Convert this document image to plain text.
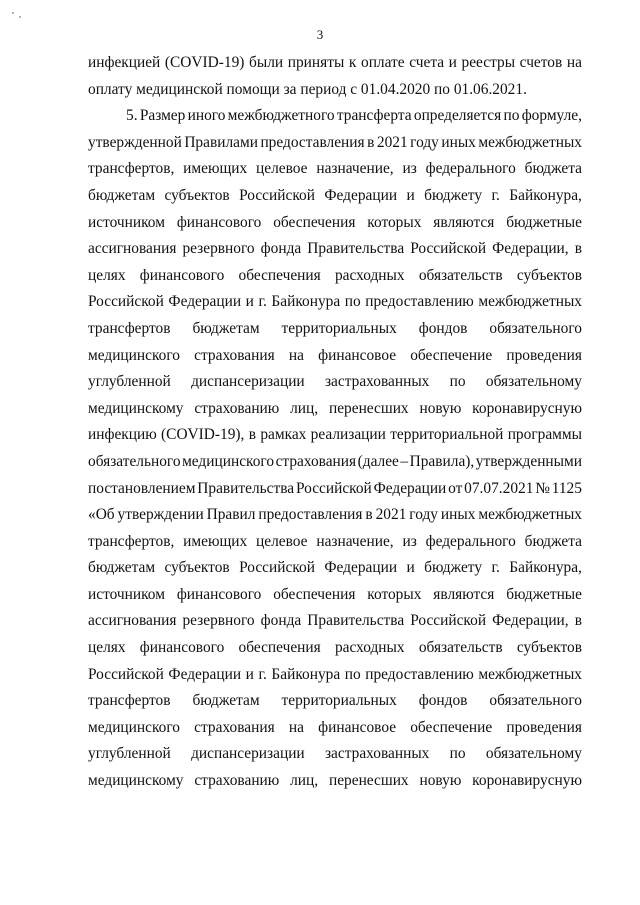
3
инфекцией (COVID-19) были приняты к оплате счета и реестры счетов на
оплату медицинской помощи за период с 01.04.2020 по 01.06.2021.
5. Размер иного межбюджетного трансферта определяется по формуле,
утвержденной Правилами предоставления в 2021 году иных межбюджетных
трансфертов, имеющих целевое назначение, из федерального бюджета
бюджетам субъектов Российской Федерации и бюджету г. Байконура,
источником финансового обеспечения которых являются бюджетные
ассигнования резервного фонда Правительства Российской Федерации, в
целях финансового обеспечения расходных обязательств субъектов
Российской Федерации и г. Байконура по предоставлению межбюджетных
трансфертов бюджетам территориальных фондов обязательного
медицинского страхования на финансовое обеспечение проведения
углубленной диспансеризации застрахованных по обязательному
медицинскому страхованию лиц, перенесших новую коронавирусную
инфекцию (COVID-19), в рамках реализации территориальной программы
обязательного медицинского страхования (далее – Правила), утвержденными
постановлением Правительства Российской Федерации от 07.07.2021 № 1125
«Об утверждении Правил предоставления в 2021 году иных межбюджетных
трансфертов, имеющих целевое назначение, из федерального бюджета
бюджетам субъектов Российской Федерации и бюджету г. Байконура,
источником финансового обеспечения которых являются бюджетные
ассигнования резервного фонда Правительства Российской Федерации, в
целях финансового обеспечения расходных обязательств субъектов
Российской Федерации и г. Байконура по предоставлению межбюджетных
трансфертов бюджетам территориальных фондов обязательного
медицинского страхования на финансовое обеспечение проведения
углубленной диспансеризации застрахованных по обязательному
медицинскому страхованию лиц, перенесших новую коронавирусную
